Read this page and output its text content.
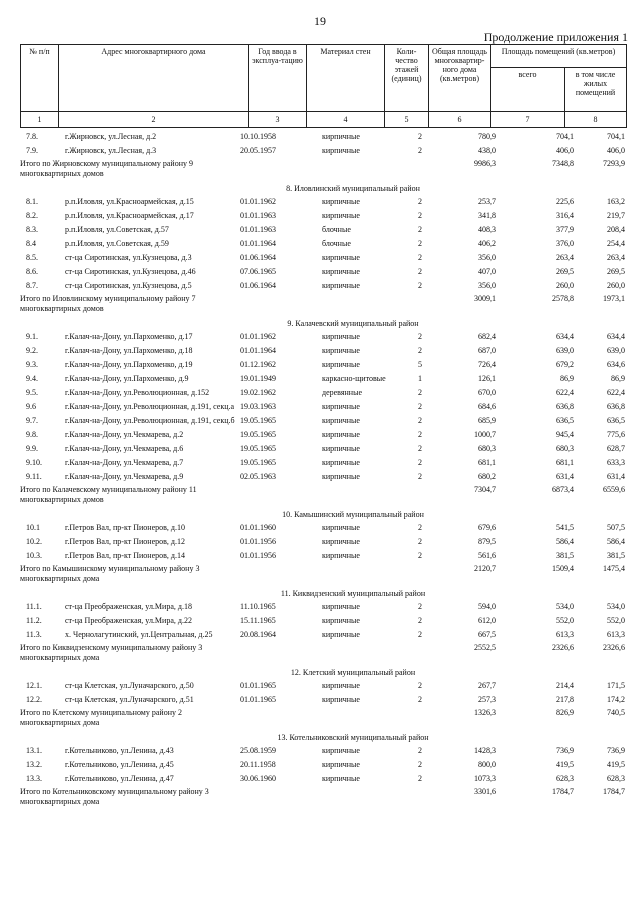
19
Продолжение приложения 1
№ п/п	Адрес многоквартирного дома	Год ввода в эксплуа-тацию	Материал стен	Коли-чество этажей (единиц)	Общая площадь многоквартир-ного дома (кв.метров)	Площадь помещений (кв.метров)	
						всего	в том числе жилых помещений
1	2	3	4	5	6	7	8
7.8.	г.Жирновск, ул.Лесная, д.2	10.10.1958	кирпичные	2	780,9	704,1	704,1
7.9.	г.Жирновск, ул.Лесная, д.3	20.05.1957	кирпичные	2	438,0	406,0	406,0
Итого по Жирновскому муниципальному району 9 многоквартирных домов
9986,3	7348,8	7293,9
8. Иловлинский муниципальный район
8.1.	р.п.Иловля, ул.Красноармейская, д.15	01.01.1962	кирпичные	2	253,7	225,6	163,2
8.2.	р.п.Иловля, ул.Красноармейская, д.17	01.01.1963	кирпичные	2	341,8	316,4	219,7
8.3.	р.п.Иловля, ул.Советская, д.57	01.01.1963	блочные	2	408,3	377,9	208,4
8.4	р.п.Иловля, ул.Советская, д.59	01.01.1964	блочные	2	406,2	376,0	254,4
8.5.	ст-ца Сиротинская, ул.Кузнецова, д.3	01.06.1964	кирпичные	2	356,0	263,4	263,4
8.6.	ст-ца Сиротинская, ул.Кузнецова, д.46	07.06.1965	кирпичные	2	407,0	269,5	269,5
8.7.	ст-ца Сиротинская, ул.Кузнецова, д.5	01.06.1964	кирпичные	2	356,0	260,0	260,0
Итого по Иловлинскому муниципальному району 7 многоквартирных домов
3009,1	2578,8	1973,1
9. Калачевский муниципальный район
9.1.	г.Калач-на-Дону, ул.Пархоменко, д.17	01.01.1962	кирпичные	2	682,4	634,4	634,4
9.2.	г.Калач-на-Дону, ул.Пархоменко, д.18	01.01.1964	кирпичные	2	687,0	639,0	639,0
9.3.	г.Калач-на-Дону, ул.Пархоменко, д.19	01.12.1962	кирпичные	5	726,4	679,2	634,6
9.4.	г.Калач-на-Дону, ул.Пархоменко, д.9	19.01.1949	каркасно-щитовые	1	126,1	86,9	86,9
9.5.	г.Калач-на-Дону, ул.Революционная, д.152	19.02.1962	деревянные	2	670,0	622,4	622,4
9.6	г.Калач-на-Дону, ул.Революционная, д.191, секц.а 19.03.1963	кирпичные	2	684,6	636,8	636,8
9.7.	г.Калач-на-Дону, ул.Революционная, д.191, секц.б 19.05.1965	кирпичные	2	685,9	636,5	636,5
9.8.	г.Калач-на-Дону, ул.Чекмарева, д.2	19.05.1965	кирпичные	2	1000,7	945,4	775,6
9.9.	г.Калач-на-Дону, ул.Чекмарева, д.6	19.05.1965	кирпичные	2	680,3	680,3	628,7
9.10.	г.Калач-на-Дону, ул.Чекмарева, д.7	19.05.1965	кирпичные	2	681,1	681,1	633,3
9.11.	г.Калач-на-Дону, ул.Чекмарева, д.9	02.05.1963	кирпичные	2	680,2	631,4	631,4
Итого по Калачевскому муниципальному району 11 многоквартирных домов
7304,7	6873,4	6559,6
10. Камышинский муниципальный район
10.1	г.Петров Вал, пр-кт Пионеров, д.10	01.01.1960	кирпичные	2	679,6	541,5	507,5
10.2.	г.Петров Вал, пр-кт Пионеров, д.12	01.01.1956	кирпичные	2	879,5	586,4	586,4
10.3.	г.Петров Вал, пр-кт Пионеров, д.14	01.01.1956	кирпичные	2	561,6	381,5	381,5
Итого по Камышинскому муниципальному району 3 многоквартирных дома
2120,7	1509,4	1475,4
11. Киквидзенский муниципальный район
11.1.	ст-ца Преображенская, ул.Мира, д.18	11.10.1965	кирпичные	2	594,0	534,0	534,0
11.2.	ст-ца Преображенская, ул.Мира, д.22	15.11.1965	кирпичные	2	612,0	552,0	552,0
11.3.	х. Чернолагутинский, ул.Центральная, д.25	20.08.1964	кирпичные	2	667,5	613,3	613,3
Итого по Киквидзенскому муниципальному району 3 многоквартирных дома
2552,5	2326,6	2326,6
12. Клетский муниципальный район
12.1.	ст-ца Клетская, ул.Луначарского, д.50	01.01.1965	кирпичные	2	267,7	214,4	171,5
12.2.	ст-ца Клетская, ул.Луначарского, д.51	01.01.1965	кирпичные	2	257,3	217,8	174,2
Итого по Клетскому муниципальному району 2 многоквартирных дома
1326,3	826,9	740,5
13. Котельниковский муниципальный район
13.1.	г.Котельниково, ул.Ленина, д.43	25.08.1959	кирпичные	2	1428,3	736,9	736,9
13.2.	г.Котельниково, ул.Ленина, д.45	20.11.1958	кирпичные	2	800,0	419,5	419,5
13.3.	г.Котельниково, ул.Ленина, д.47	30.06.1960	кирпичные	2	1073,3	628,3	628,3
Итого по Котельниковскому муниципальному району 3 многоквартирных дома
3301,6	1784,7	1784,7
